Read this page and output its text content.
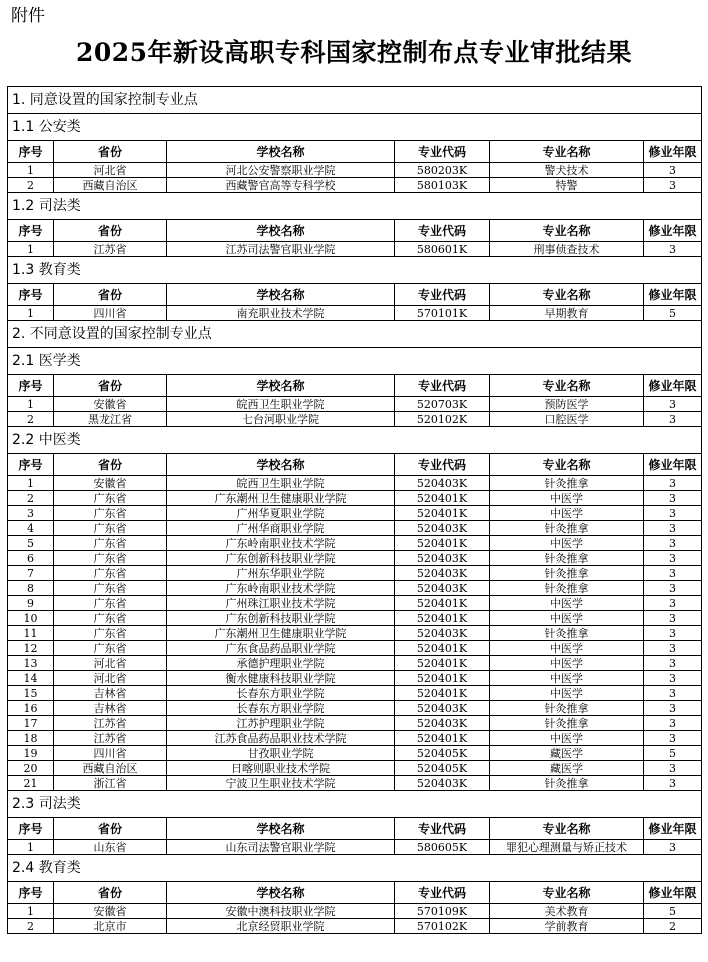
附件
2025年新设高职专科国家控制布点专业审批结果
1. 同意设置的国家控制专业点					
1.1 公安类					
序号	省份	学校名称	专业代码	专业名称	修业年限
1	河北省	河北公安警察职业学院	580203K	警犬技术	3
2	西藏自治区	西藏警官高等专科学校	580103K	特警	3
1.2 司法类					
序号	省份	学校名称	专业代码	专业名称	修业年限
1	江苏省	江苏司法警官职业学院	580601K	刑事侦查技术	3
1.3 教育类					
序号	省份	学校名称	专业代码	专业名称	修业年限
1	四川省	南充职业技术学院	570101K	早期教育	5
2. 不同意设置的国家控制专业点					
2.1 医学类					
序号	省份	学校名称	专业代码	专业名称	修业年限
1	安徽省	皖西卫生职业学院	520703K	预防医学	3
2	黑龙江省	七台河职业学院	520102K	口腔医学	3
2.2 中医类					
序号	省份	学校名称	专业代码	专业名称	修业年限
1	安徽省	皖西卫生职业学院	520403K	针灸推拿	3
2	广东省	广东潮州卫生健康职业学院	520401K	中医学	3
3	广东省	广州华夏职业学院	520401K	中医学	3
4	广东省	广州华商职业学院	520403K	针灸推拿	3
5	广东省	广东岭南职业技术学院	520401K	中医学	3
6	广东省	广东创新科技职业学院	520403K	针灸推拿	3
7	广东省	广州东华职业学院	520403K	针灸推拿	3
8	广东省	广东岭南职业技术学院	520403K	针灸推拿	3
9	广东省	广州珠江职业技术学院	520401K	中医学	3
10	广东省	广东创新科技职业学院	520401K	中医学	3
11	广东省	广东潮州卫生健康职业学院	520403K	针灸推拿	3
12	广东省	广东食品药品职业学院	520401K	中医学	3
13	河北省	承德护理职业学院	520401K	中医学	3
14	河北省	衡水健康科技职业学院	520401K	中医学	3
15	吉林省	长春东方职业学院	520401K	中医学	3
16	吉林省	长春东方职业学院	520403K	针灸推拿	3
17	江苏省	江苏护理职业学院	520403K	针灸推拿	3
18	江苏省	江苏食品药品职业技术学院	520401K	中医学	3
19	四川省	甘孜职业学院	520405K	藏医学	5
20	西藏自治区	日喀则职业技术学院	520405K	藏医学	3
21	浙江省	宁波卫生职业技术学院	520403K	针灸推拿	3
2.3 司法类					
序号	省份	学校名称	专业代码	专业名称	修业年限
1	山东省	山东司法警官职业学院	580605K	罪犯心理测量与矫正技术	3
2.4 教育类					
序号	省份	学校名称	专业代码	专业名称	修业年限
1	安徽省	安徽中澳科技职业学院	570109K	美术教育	5
2	北京市	北京经贸职业学院	570102K	学前教育	2
